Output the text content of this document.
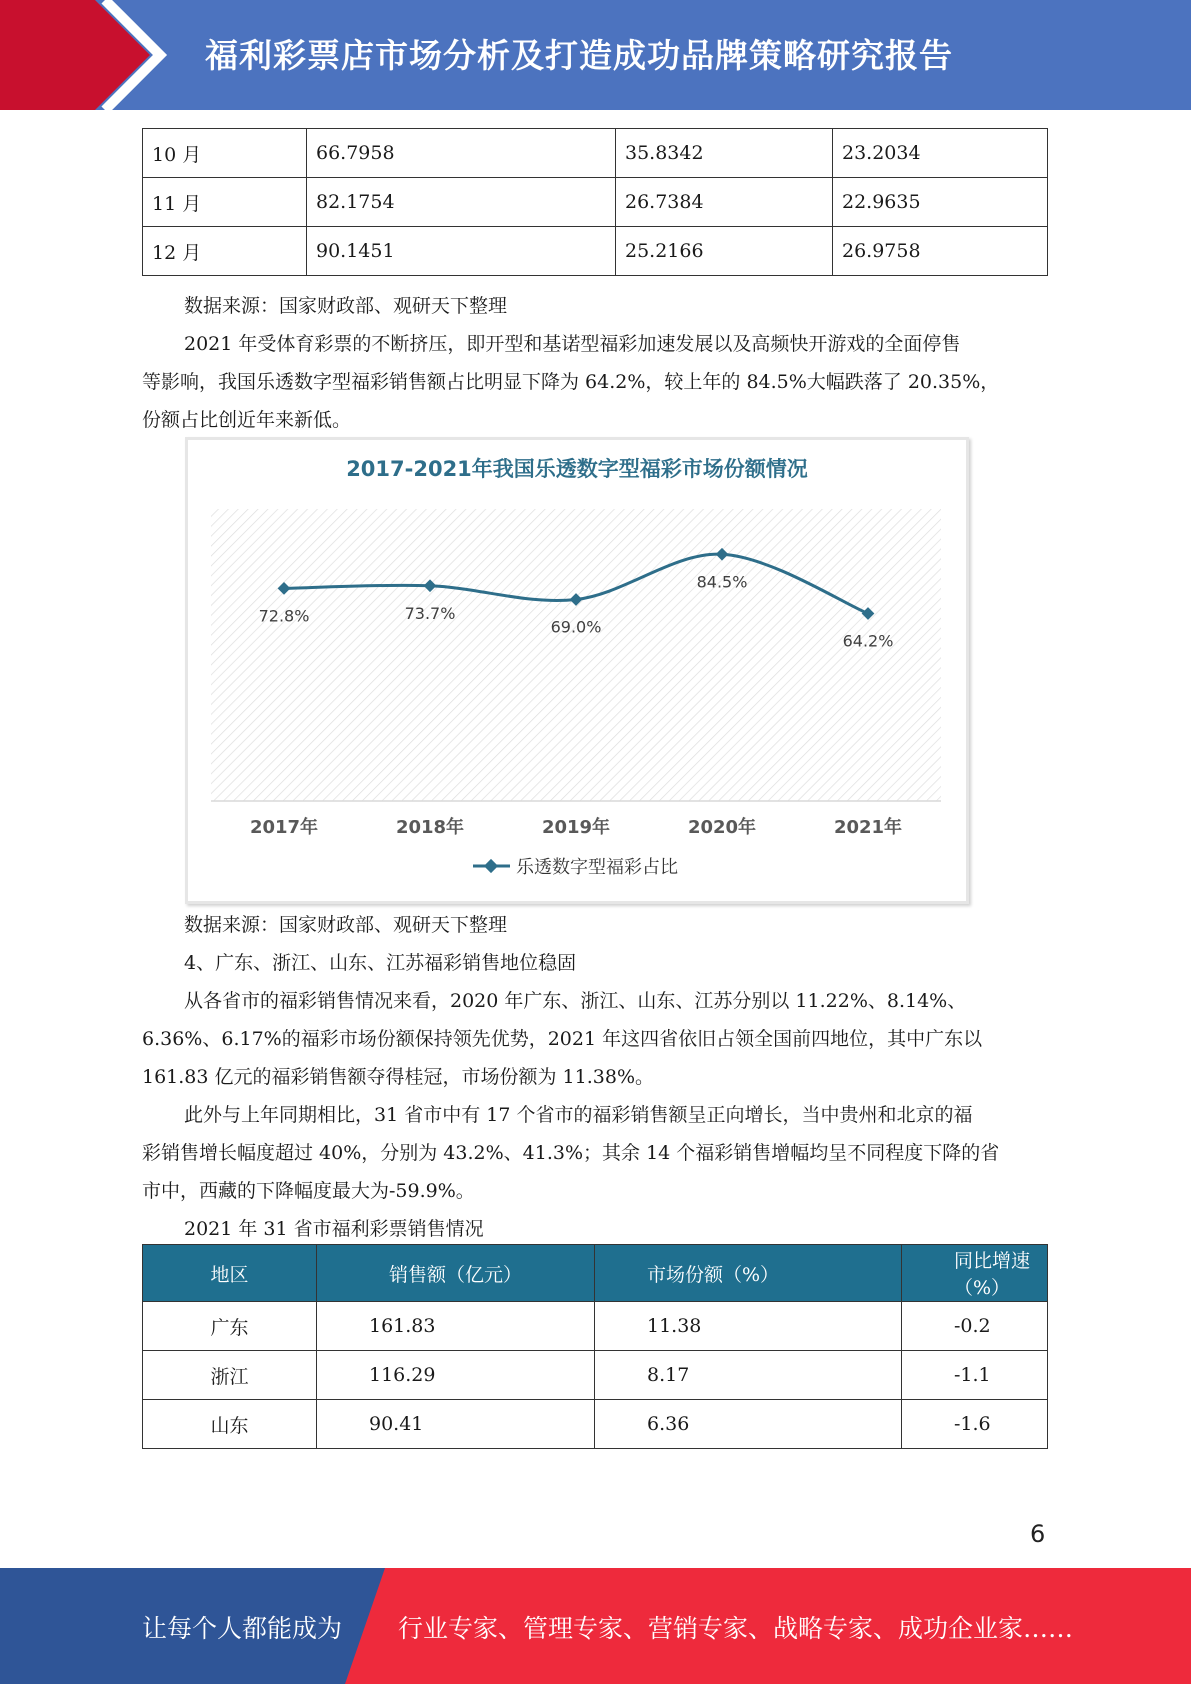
福利彩票店市场分析及打造成功品牌策略研究报告
10 月	66.7958	35.8342	23.2034
11 月	82.1754	26.7384	22.9635
12 月	90.1451	25.2166	26.9758
数据来源：国家财政部、观研天下整理
2021 年受体育彩票的不断挤压，即开型和基诺型福彩加速发展以及高频快开游戏的全面停售
等影响，我国乐透数字型福彩销售额占比明显下降为 64.2%，较上年的 84.5%大幅跌落了 20.35%，
份额占比创近年来新低。
2017-2021年我国乐透数字型福彩市场份额情况
72.8%	73.7%
69.0%
84.5%
64.2%
2017年	2018年	2019年	2020年	2021年
乐透数字型福彩占比
数据来源：国家财政部、观研天下整理
4、广东、浙江、山东、江苏福彩销售地位稳固
从各省市的福彩销售情况来看，2020 年广东、浙江、山东、江苏分别以 11.22%、8.14%、
6.36%、6.17%的福彩市场份额保持领先优势，2021 年这四省依旧占领全国前四地位，其中广东以
161.83 亿元的福彩销售额夺得桂冠，市场份额为 11.38%。
此外与上年同期相比，31 省市中有 17 个省市的福彩销售额呈正向增长，当中贵州和北京的福
彩销售增长幅度超过 40%，分别为 43.2%、41.3%；其余 14 个福彩销售增幅均呈不同程度下降的省
市中，西藏的下降幅度最大为-59.9%。
2021 年 31 省市福利彩票销售情况
地区	销售额（亿元）	市场份额（%）	同比增速（%）
广东	161.83	11.38	-0.2
浙江	116.29	8.17	-1.1
山东	90.41	6.36	-1.6
6
让每个人都能成为 行业专家、管理专家、营销专家、战略专家、成功企业家……
